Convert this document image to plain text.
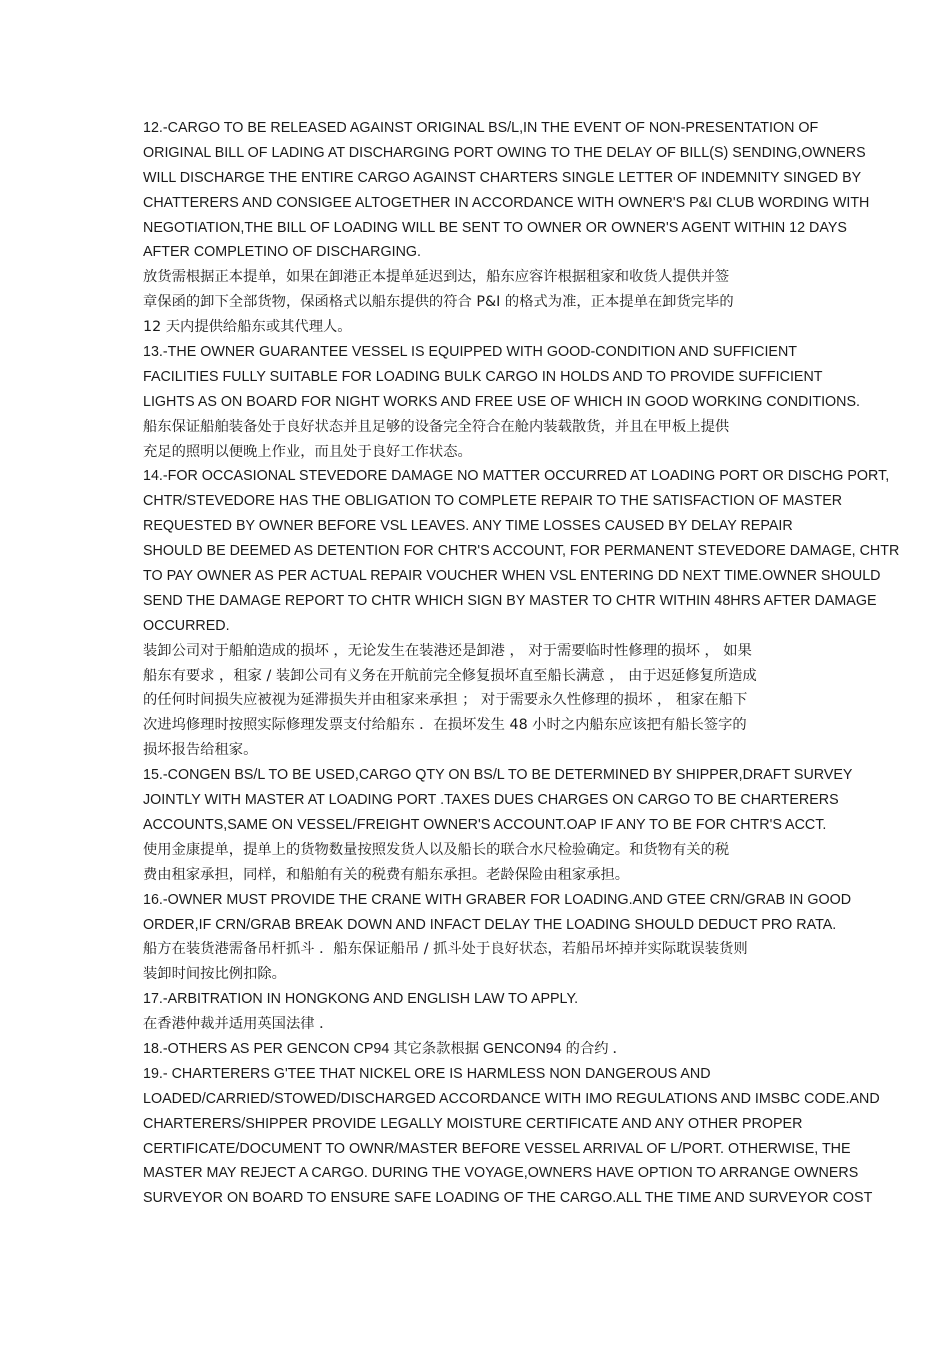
12.-CARGO TO BE RELEASED AGAINST ORIGINAL BS/L,IN THE EVENT OF NON-PRESENTATION OF
ORIGINAL BILL OF LADING AT DISCHARGING PORT OWING TO THE DELAY OF BILL(S) SENDING,OWNERS
WILL DISCHARGE THE ENTIRE CARGO AGAINST CHARTERS SINGLE LETTER OF INDEMNITY SINGED BY
CHATTERERS AND CONSIGEE ALTOGETHER IN ACCORDANCE WITH OWNER'S P&I CLUB WORDING WITH
NEGOTIATION,THE BILL OF LOADING WILL BE SENT TO OWNER OR OWNER'S AGENT WITHIN 12 DAYS
AFTER COMPLETINO OF DISCHARGING.
放货需根据正本提单，如果在卸港正本提单延迟到达，船东应容许根据租家和收货人提供并签
章保函的卸下全部货物，保函格式以船东提供的符合 P&I 的格式为准，正本提单在卸货完毕的
12 天内提供给船东或其代理人。
13.-THE OWNER GUARANTEE VESSEL IS EQUIPPED WITH GOOD-CONDITION AND SUFFICIENT
FACILITIES FULLY SUITABLE FOR LOADING BULK CARGO IN HOLDS AND TO PROVIDE SUFFICIENT
LIGHTS AS ON BOARD FOR NIGHT WORKS AND FREE USE OF WHICH IN GOOD WORKING CONDITIONS.
船东保证船舶装备处于良好状态并且足够的设备完全符合在舱内装载散货，并且在甲板上提供
充足的照明以便晚上作业，而且处于良好工作状态。
14.-FOR OCCASIONAL STEVEDORE DAMAGE NO MATTER OCCURRED AT LOADING PORT OR DISCHG PORT,
CHTR/STEVEDORE HAS THE OBLIGATION TO COMPLETE REPAIR TO THE SATISFACTION OF MASTER
REQUESTED BY OWNER BEFORE VSL LEAVES. ANY TIME LOSSES CAUSED BY DELAY REPAIR
SHOULD BE DEEMED AS DETENTION FOR CHTR'S ACCOUNT, FOR PERMANENT STEVEDORE DAMAGE, CHTR
TO PAY OWNER AS PER ACTUAL REPAIR VOUCHER WHEN VSL ENTERING DD NEXT TIME.OWNER SHOULD
SEND THE DAMAGE REPORT TO CHTR WHICH SIGN BY MASTER TO CHTR WITHIN 48HRS AFTER DAMAGE
OCCURRED.
装卸公司对于船舶造成的损坏 ，无论发生在装港还是卸港 ， 对于需要临时性修理的损坏 ， 如果
船东有要求 ，租家 / 装卸公司有义务在开航前完全修复损坏直至船长满意 ， 由于迟延修复所造成
的任何时间损失应被视为延滞损失并由租家来承担 ； 对于需要永久性修理的损坏 ， 租家在船下
次进坞修理时按照实际修理发票支付给船东 ．在损坏发生 48 小时之内船东应该把有船长签字的
损坏报告给租家。
15.-CONGEN BS/L TO BE USED,CARGO QTY ON BS/L TO BE DETERMINED BY SHIPPER,DRAFT SURVEY
JOINTLY WITH MASTER AT LOADING PORT .TAXES DUES CHARGES ON CARGO TO BE CHARTERERS
ACCOUNTS,SAME ON VESSEL/FREIGHT OWNER'S ACCOUNT.OAP IF ANY TO BE FOR CHTR'S ACCT.
使用金康提单，提单上的货物数量按照发货人以及船长的联合水尺检验确定。和货物有关的税
费由租家承担，同样，和船舶有关的税费有船东承担。老龄保险由租家承担。
16.-OWNER MUST PROVIDE THE CRANE WITH GRABER FOR LOADING.AND GTEE CRN/GRAB IN GOOD
ORDER,IF CRN/GRAB BREAK DOWN AND INFACT DELAY THE LOADING SHOULD DEDUCT PRO RATA.
船方在装货港需备吊杆抓斗 ．船东保证船吊 / 抓斗处于良好状态，若船吊坏掉并实际耽误装货则
装卸时间按比例扣除。
17.-ARBITRATION IN HONGKONG AND ENGLISH LAW TO APPLY.
在香港仲裁并适用英国法律 ．
18.-OTHERS AS PER GENCON CP94 其它条款根据 GENCON94 的合约 ．
19.- CHARTERERS G'TEE THAT NICKEL ORE IS HARMLESS NON DANGEROUS AND
LOADED/CARRIED/STOWED/DISCHARGED ACCORDANCE WITH IMO REGULATIONS AND IMSBC CODE.AND
CHARTERERS/SHIPPER PROVIDE LEGALLY MOISTURE CERTIFICATE AND ANY OTHER PROPER
CERTIFICATE/DOCUMENT TO OWNR/MASTER BEFORE VESSEL ARRIVAL OF L/PORT. OTHERWISE, THE
MASTER MAY REJECT A CARGO. DURING THE VOYAGE,OWNERS HAVE OPTION TO ARRANGE OWNERS
SURVEYOR ON BOARD TO ENSURE SAFE LOADING OF THE CARGO.ALL THE TIME AND SURVEYOR COST
